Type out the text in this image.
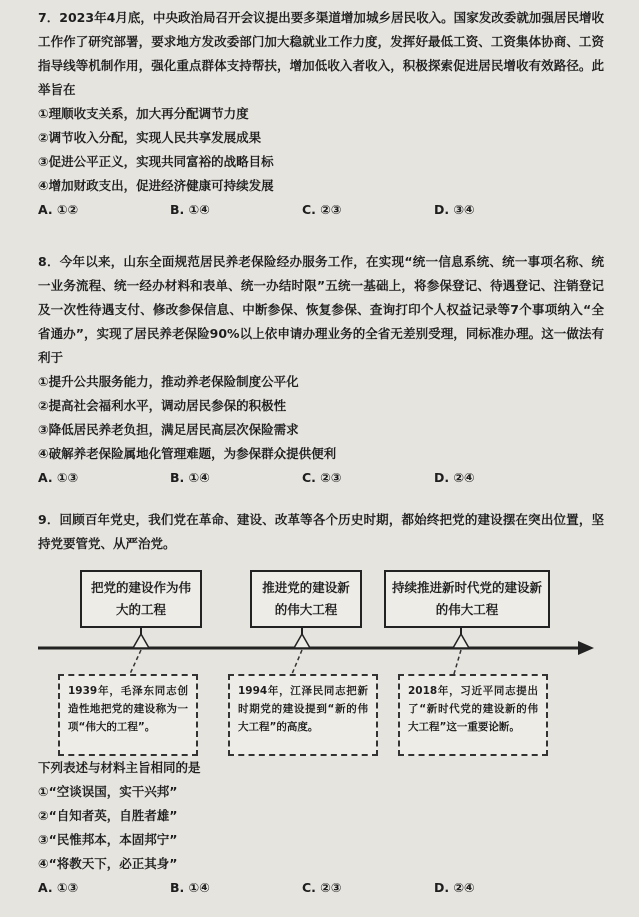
7．2023年4月底，中央政治局召开会议提出要多渠道增加城乡居民收入。国家发改委就加强居民增收工作作了研究部署，要求地方发改委部门加大稳就业工作力度，发挥好最低工资、工资集体协商、工资指导线等机制作用，强化重点群体支持帮扶，增加低收入者收入，积极探索促进居民增收有效路径。此举旨在

①理顺收支关系，加大再分配调节力度

②调节收入分配，实现人民共享发展成果

③促进公平正义，实现共同富裕的战略目标

④增加财政支出，促进经济健康可持续发展

A. ①②	B. ①④	C. ②③	D. ③④

8．今年以来，山东全面规范居民养老保险经办服务工作，在实现“统一信息系统、统一事项名称、统一业务流程、统一经办材料和表单、统一办结时限”五统一基础上，将参保登记、待遇登记、注销登记及一次性待遇支付、修改参保信息、中断参保、恢复参保、查询打印个人权益记录等7个事项纳入“全省通办”，实现了居民养老保险90%以上依申请办理业务的全省无差别受理，同标准办理。这一做法有利于

①提升公共服务能力，推动养老保险制度公平化

②提高社会福利水平，调动居民参保的积极性

③降低居民养老负担，满足居民高层次保险需求

④破解养老保险属地化管理难题，为参保群众提供便利

A. ①③	B. ①④	C. ②③	D. ②④

9．回顾百年党史，我们党在革命、建设、改革等各个历史时期，都始终把党的建设摆在突出位置，坚持党要管党、从严治党。

把党的建设作为伟大的工程
推进党的建设新的伟大工程
持续推进新时代党的建设新的伟大工程
1939年，毛泽东同志创造性地把党的建设称为一项“伟大的工程”。
1994年，江泽民同志把新时期党的建设提到“新的伟大工程”的高度。
2018年，习近平同志提出了“新时代党的建设新的伟大工程”这一重要论断。

下列表述与材料主旨相同的是

①“空谈误国，实干兴邦”

②“自知者英，自胜者雄”

③“民惟邦本，本固邦宁”

④“将教天下，必正其身”

A. ①③	B. ①④	C. ②③	D. ②④
